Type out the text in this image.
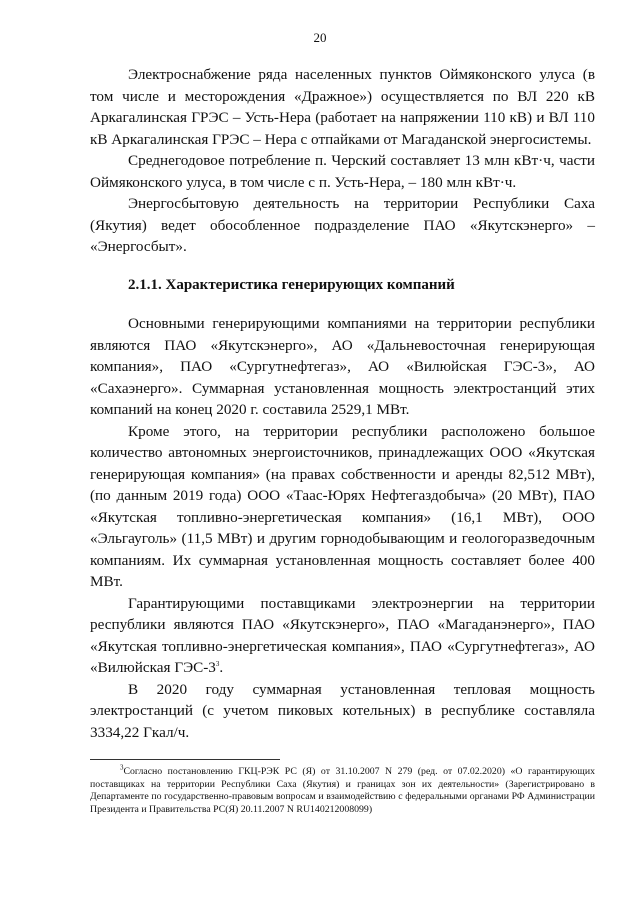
20

Электроснабжение ряда населенных пунктов Оймяконского улуса (в том числе и месторождения «Дражное») осуществляется по ВЛ 220 кВ Аркагалинская ГРЭС – Усть-Нера (работает на напряжении 110 кВ) и ВЛ 110 кВ Аркагалинская ГРЭС – Нера с отпайками от Магаданской энергосистемы.

Среднегодовое потребление п. Черский составляет 13 млн кВт·ч, части Оймяконского улуса, в том числе с п. Усть-Нера, – 180 млн кВт·ч.

Энергосбытовую деятельность на территории Республики Саха (Якутия) ведет обособленное подразделение ПАО «Якутскэнерго» – «Энергосбыт».

2.1.1. Характеристика генерирующих компаний

Основными генерирующими компаниями на территории республики являются ПАО «Якутскэнерго», АО «Дальневосточная генерирующая компания», ПАО «Сургутнефтегаз», АО «Вилюйская ГЭС-3», АО «Сахаэнерго». Суммарная установленная мощность электростанций этих компаний на конец 2020 г. составила 2529,1 МВт.

Кроме этого, на территории республики расположено большое количество автономных энергоисточников, принадлежащих ООО «Якутская генерирующая компания» (на правах собственности и аренды 82,512 МВт), (по данным 2019 года) ООО «Таас-Юрях Нефтегаздобыча» (20 МВт), ПАО «Якутская топливно-энергетическая компания» (16,1 МВт), ООО «Эльгауголь» (11,5 МВт) и другим горнодобывающим и геологоразведочным компаниям. Их суммарная установленная мощность составляет более 400 МВт.

Гарантирующими поставщиками электроэнергии на территории республики являются ПАО «Якутскэнерго», ПАО «Магаданэнерго», ПАО «Якутская топливно-энергетическая компания», ПАО «Сургутнефтегаз», АО «Вилюйская ГЭС-3$^3$.

В 2020 году суммарная установленная тепловая мощность электростанций (с учетом пиковых котельных) в республике составляла 3334,22 Гкал/ч.

$^3$Согласно постановлению ГКЦ-РЭК РС (Я) от 31.10.2007 N 279 (ред. от 07.02.2020) «О гарантирующих поставщиках на территории Республики Саха (Якутия) и границах зон их деятельности» (Зарегистрировано в Департаменте по государственно-правовым вопросам и взаимодействию с федеральными органами РФ Администрации Президента и Правительства РС(Я) 20.11.2007 N RU140212008099)
